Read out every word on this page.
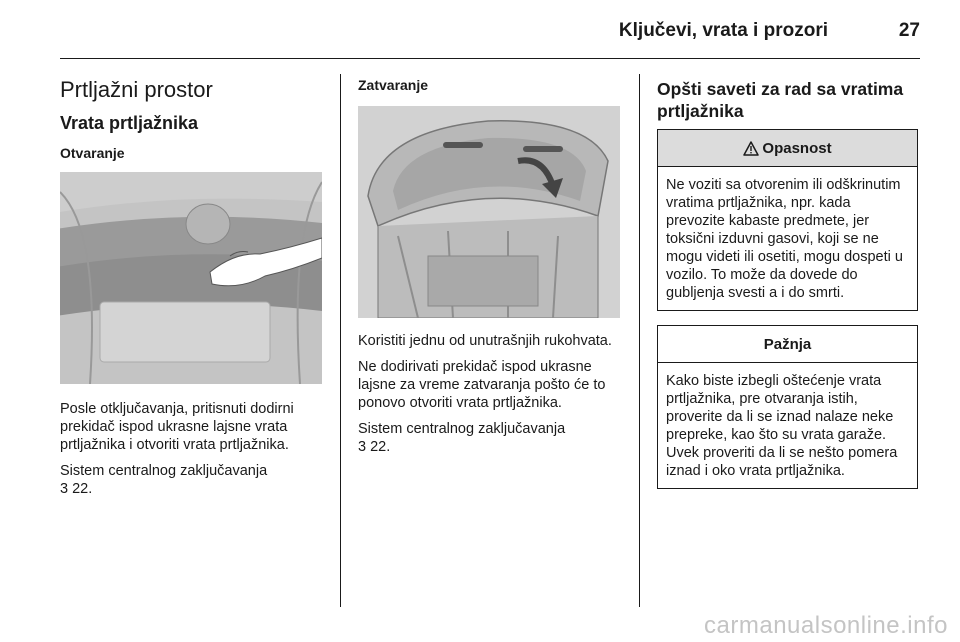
Ključevi, vrata i prozori	27
Prtljažni prostor
Vrata prtljažnika
Otvaranje

Posle otključavanja, pritisnuti dodirni prekidač ispod ukrasne lajsne vrata prtljažnika i otvoriti vrata prtljažnika.

Sistem centralnog zaključavanja
3 22.

Zatvaranje

Koristiti jednu od unutrašnjih rukohvata.

Ne dodirivati prekidač ispod ukrasne lajsne za vreme zatvaranja pošto će to ponovo otvoriti vrata prtljažnika.

Sistem centralnog zaključavanja
3 22.

Opšti saveti za rad sa vratima prtljažnika
Opasnost
Ne voziti sa otvorenim ili odškrinutim vratima prtljažnika, npr. kada prevozite kabaste predmete, jer toksični izduvni gasovi, koji se ne mogu videti ili osetiti, mogu dospeti u vozilo. To može da dovede do gubljenja svesti a i do smrti.
Pažnja
Kako biste izbegli oštećenje vrata prtljažnika, pre otvaranja istih, proverite da li se iznad nalaze neke prepreke, kao što su vrata garaže. Uvek proveriti da li se nešto pomera iznad i oko vrata prtljažnika.
carmanualsonline.info
